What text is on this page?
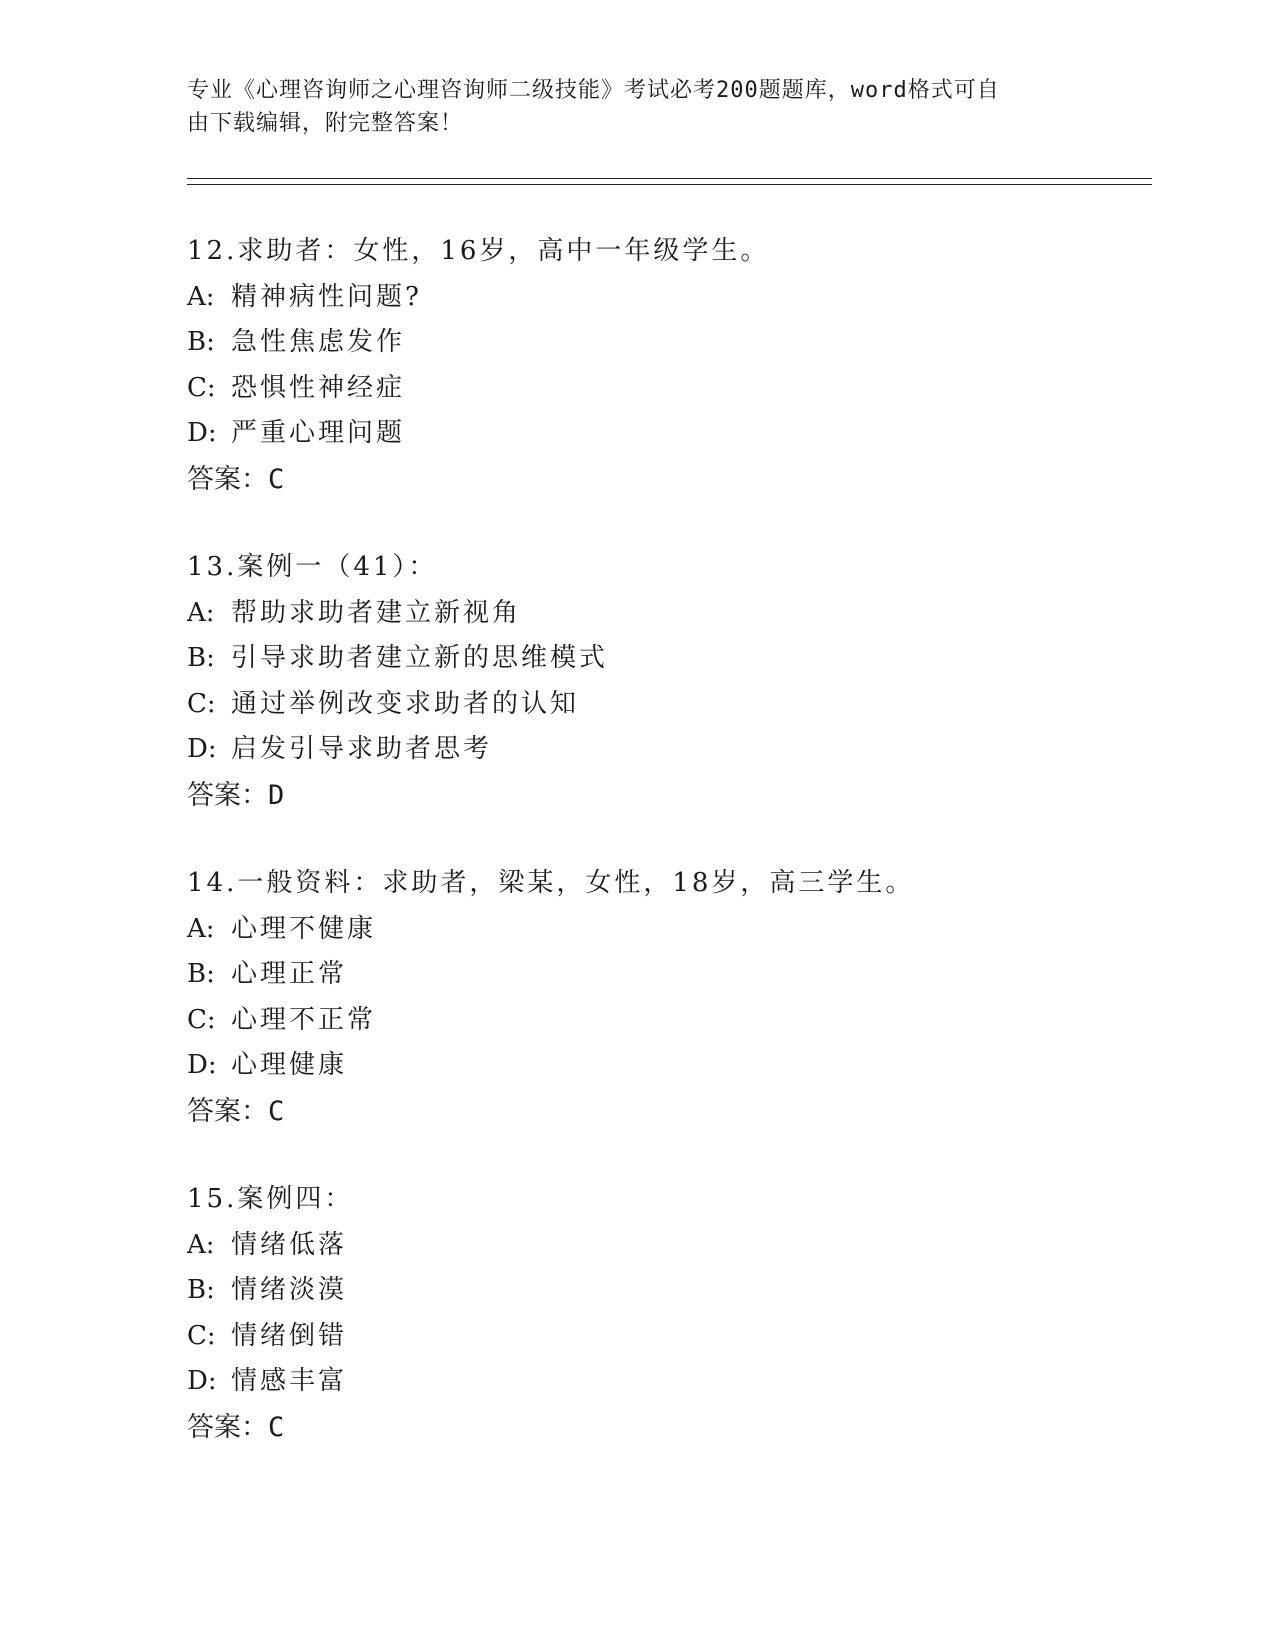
专业《心理咨询师之心理咨询师二级技能》考试必考200题题库，word格式可自
由下载编辑，附完整答案！
12.求助者：女性，16岁，高中一年级学生。
A: 精神病性问题?
B: 急性焦虑发作
C: 恐惧性神经症
D: 严重心理问题
答案：C
13.案例一（41）：
A: 帮助求助者建立新视角
B: 引导求助者建立新的思维模式
C: 通过举例改变求助者的认知
D: 启发引导求助者思考
答案：D
14.一般资料：求助者，梁某，女性，18岁，高三学生。
A: 心理不健康
B: 心理正常
C: 心理不正常
D: 心理健康
答案：C
15.案例四：
A: 情绪低落
B: 情绪淡漠
C: 情绪倒错
D: 情感丰富
答案：C
